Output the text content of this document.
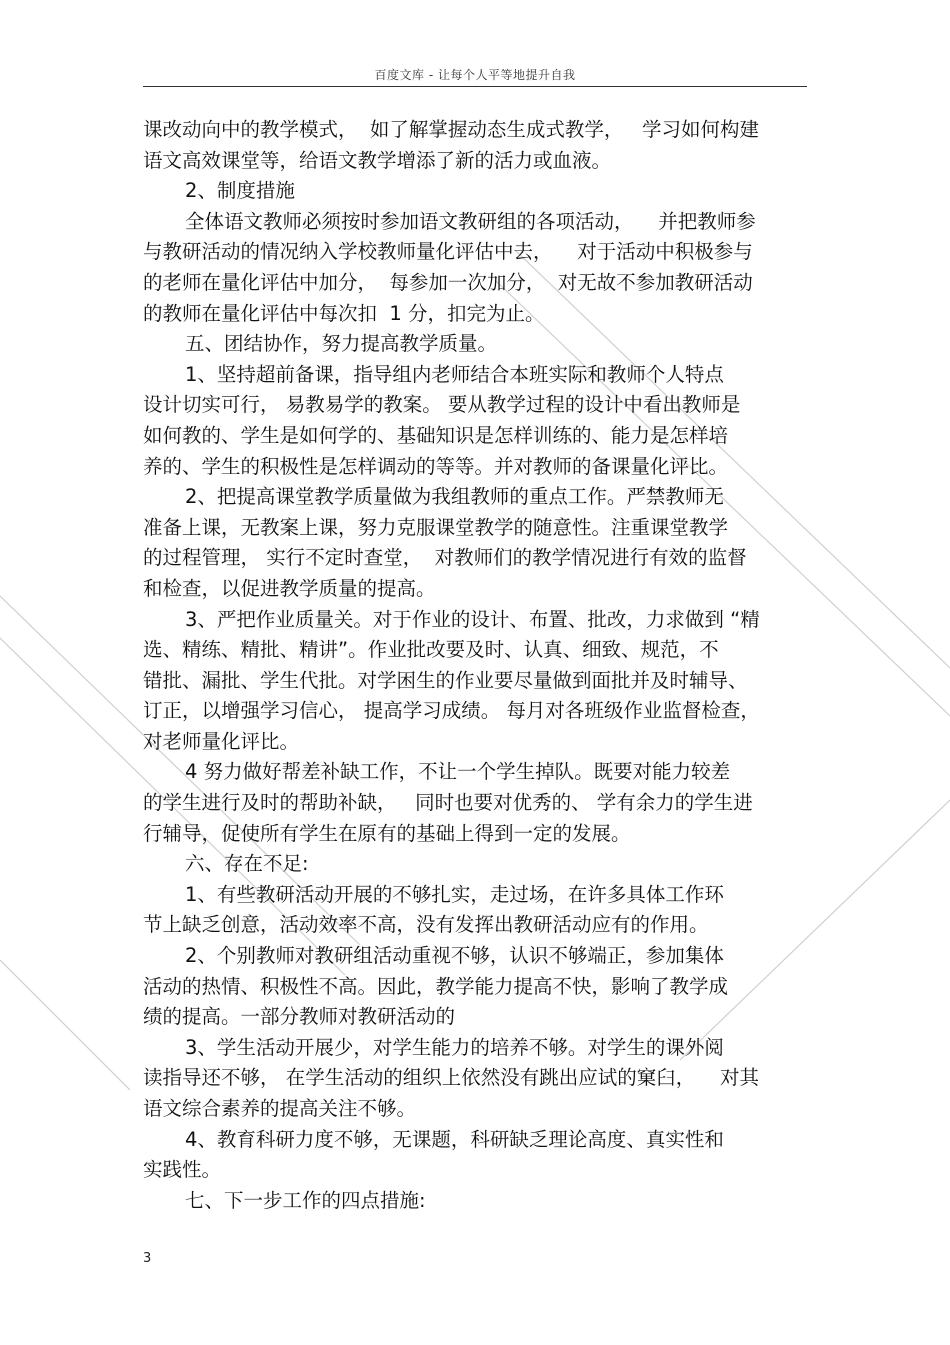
百度文库 - 让每个人平等地提升自我
课改动向中的教学模式，  如了解掌握动态生成式教学，   学习如何构建
语文高效课堂等，给语文教学增添了新的活力或血液。
2、制度措施
全体语文教师必须按时参加语文教研组的各项活动，    并把教师参
与教研活动的情况纳入学校教师量化评估中去，    对于活动中积极参与
的老师在量化评估中加分，  每参加一次加分，  对无故不参加教研活动
的教师在量化评估中每次扣  1 分，扣完为止。
五、团结协作，努力提高教学质量。
1、坚持超前备课，指导组内老师结合本班实际和教师个人特点
设计切实可行， 易教易学的教案。 要从教学过程的设计中看出教师是
如何教的、学生是如何学的、基础知识是怎样训练的、能力是怎样培
养的、学生的积极性是怎样调动的等等。并对教师的备课量化评比。
2、把提高课堂教学质量做为我组教师的重点工作。严禁教师无
准备上课，无教案上课，努力克服课堂教学的随意性。注重课堂教学
的过程管理， 实行不定时查堂，  对教师们的教学情况进行有效的监督
和检查，以促进教学质量的提高。
3、严把作业质量关。对于作业的设计、布置、批改，力求做到 “精
选、精练、精批、精讲”。作业批改要及时、认真、细致、规范，不
错批、漏批、学生代批。对学困生的作业要尽量做到面批并及时辅导、
订正，以增强学习信心， 提高学习成绩。 每月对各班级作业监督检查，
对老师量化评比。
4 努力做好帮差补缺工作，不让一个学生掉队。既要对能力较差
的学生进行及时的帮助补缺，   同时也要对优秀的、 学有余力的学生进
行辅导，促使所有学生在原有的基础上得到一定的发展。
六、存在不足:
1、有些教研活动开展的不够扎实，走过场，在许多具体工作环
节上缺乏创意，活动效率不高，没有发挥出教研活动应有的作用。
2、个别教师对教研组活动重视不够，认识不够端正，参加集体
活动的热情、积极性不高。因此，教学能力提高不快，影响了教学成
绩的提高。一部分教师对教研活动的
3、学生活动开展少，对学生能力的培养不够。对学生的课外阅
读指导还不够， 在学生活动的组织上依然没有跳出应试的窠臼，    对其
语文综合素养的提高关注不够。
4、教育科研力度不够，无课题，科研缺乏理论高度、真实性和
实践性。
七、下一步工作的四点措施:
3
